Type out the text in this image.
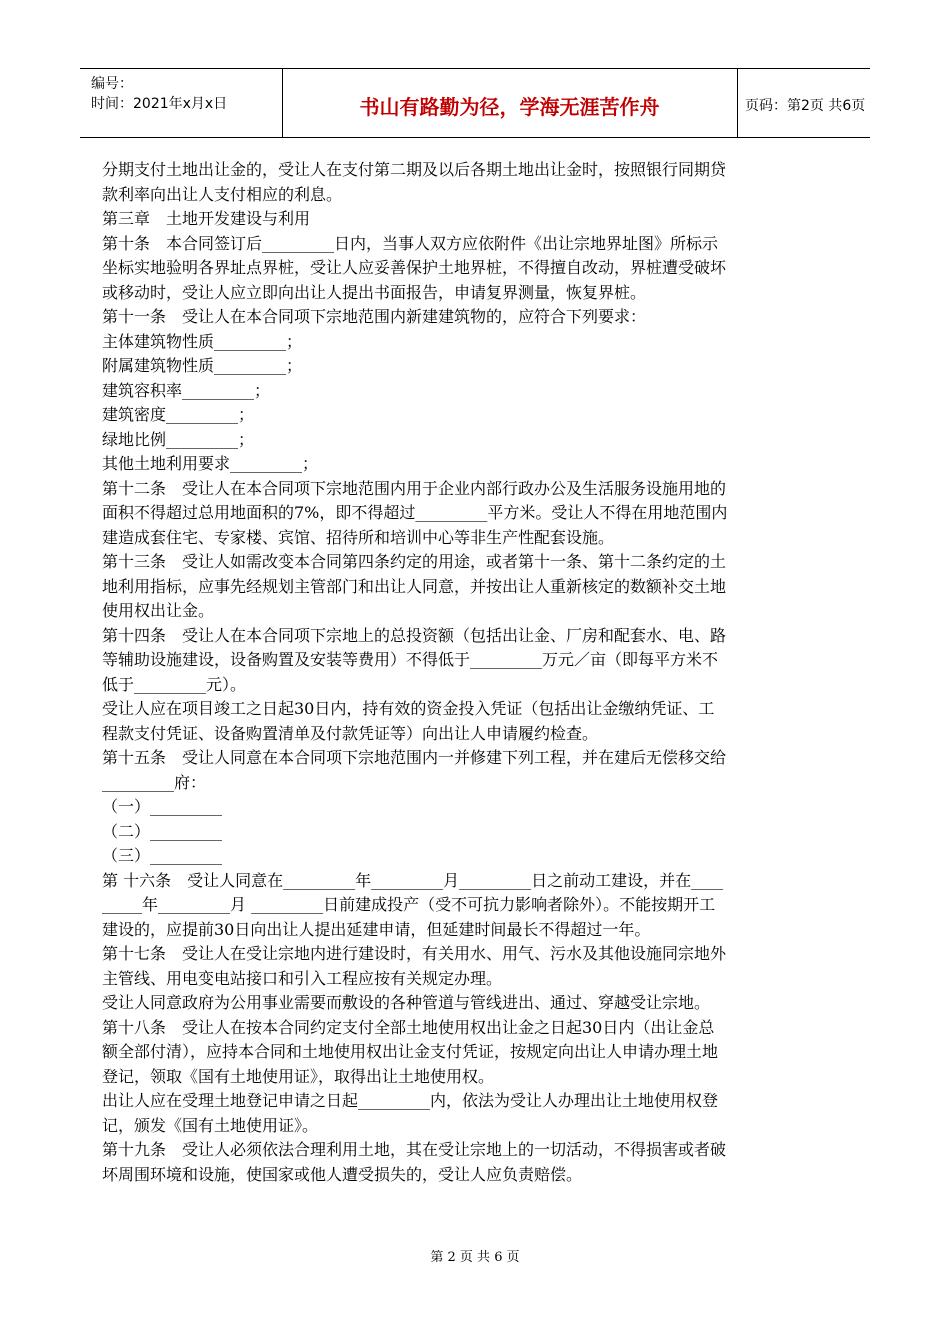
编号：
时间：2021年x月x日	书山有路勤为径，学海无涯苦作舟	页码：第2页 共6页
分期支付土地出让金的，受让人在支付第二期及以后各期土地出让金时，按照银行同期贷
款利率向出让人支付相应的利息。
第三章　土地开发建设与利用
第十条　本合同签订后_________日内，当事人双方应依附件《出让宗地界址图》所标示
坐标实地验明各界址点界桩，受让人应妥善保护土地界桩，不得擅自改动，界桩遭受破坏
或移动时，受让人应立即向出让人提出书面报告，申请复界测量，恢复界桩。
第十一条　受让人在本合同项下宗地范围内新建建筑物的，应符合下列要求：
主体建筑物性质_________；
附属建筑物性质_________；
建筑容积率_________；
建筑密度_________；
绿地比例_________；
其他土地利用要求_________；
第十二条　受让人在本合同项下宗地范围内用于企业内部行政办公及生活服务设施用地的
面积不得超过总用地面积的7%，即不得超过_________平方米。受让人不得在用地范围内
建造成套住宅、专家楼、宾馆、招待所和培训中心等非生产性配套设施。
第十三条　受让人如需改变本合同第四条约定的用途，或者第十一条、第十二条约定的土
地利用指标，应事先经规划主管部门和出让人同意，并按出让人重新核定的数额补交土地
使用权出让金。
第十四条　受让人在本合同项下宗地上的总投资额（包括出让金、厂房和配套水、电、路
等辅助设施建设，设备购置及安装等费用）不得低于_________万元／亩（即每平方米不
低于_________元）。
受让人应在项目竣工之日起30日内，持有效的资金投入凭证（包括出让金缴纳凭证、工
程款支付凭证、设备购置清单及付款凭证等）向出让人申请履约检查。
第十五条　受让人同意在本合同项下宗地范围内一并修建下列工程，并在建后无偿移交给
_________府：
（一）_________
（二）_________
（三）_________
第 十六条　受让人同意在_________年_________月_________日之前动工建设，并在____
_____年_________月 _________日前建成投产（受不可抗力影响者除外）。不能按期开工
建设的，应提前30日向出让人提出延建申请，但延建时间最长不得超过一年。
第十七条　受让人在受让宗地内进行建设时，有关用水、用气、污水及其他设施同宗地外
主管线、用电变电站接口和引入工程应按有关规定办理。
受让人同意政府为公用事业需要而敷设的各种管道与管线进出、通过、穿越受让宗地。
第十八条　受让人在按本合同约定支付全部土地使用权出让金之日起30日内（出让金总
额全部付清），应持本合同和土地使用权出让金支付凭证，按规定向出让人申请办理土地
登记，领取《国有土地使用证》，取得出让土地使用权。
出让人应在受理土地登记申请之日起_________内，依法为受让人办理出让土地使用权登
记，颁发《国有土地使用证》。
第十九条　受让人必须依法合理利用土地，其在受让宗地上的一切活动，不得损害或者破
坏周围环境和设施，使国家或他人遭受损失的，受让人应负责赔偿。
第 2 页 共 6 页
